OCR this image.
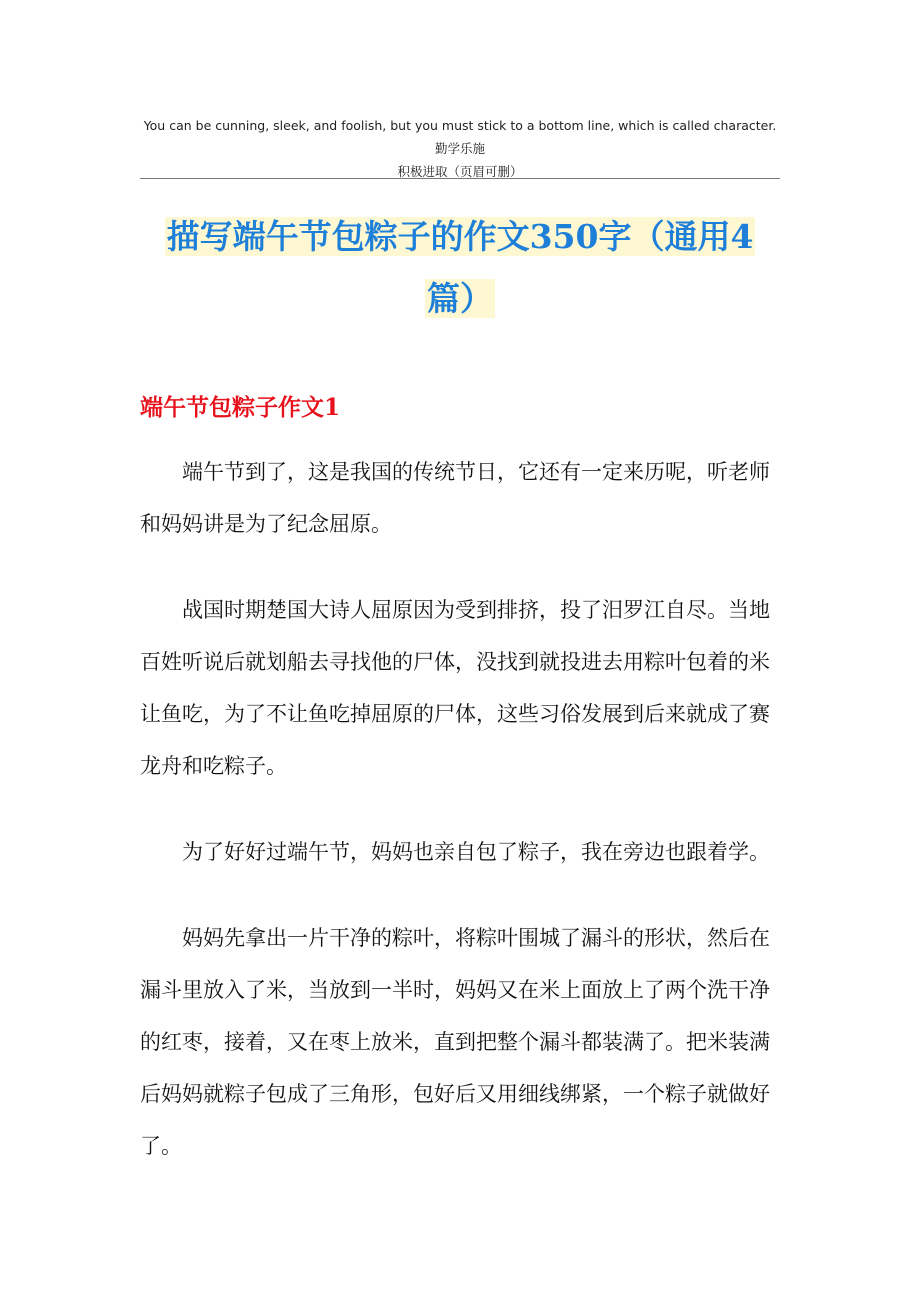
You can be cunning, sleek, and foolish, but you must stick to a bottom line, which is called character.勤学乐施
积极进取（页眉可删）
描写端午节包粽子的作文350字（通用4
篇）
端午节包粽子作文1

端午节到了，这是我国的传统节日，它还有一定来历呢，听老师和妈妈讲是为了纪念屈原。

战国时期楚国大诗人屈原因为受到排挤，投了汨罗江自尽。当地百姓听说后就划船去寻找他的尸体，没找到就投进去用粽叶包着的米让鱼吃，为了不让鱼吃掉屈原的尸体，这些习俗发展到后来就成了赛龙舟和吃粽子。

为了好好过端午节，妈妈也亲自包了粽子，我在旁边也跟着学。

妈妈先拿出一片干净的粽叶，将粽叶围城了漏斗的形状，然后在漏斗里放入了米，当放到一半时，妈妈又在米上面放上了两个洗干净的红枣，接着，又在枣上放米，直到把整个漏斗都装满了。把米装满后妈妈就粽子包成了三角形，包好后又用细线绑紧，一个粽子就做好了。
